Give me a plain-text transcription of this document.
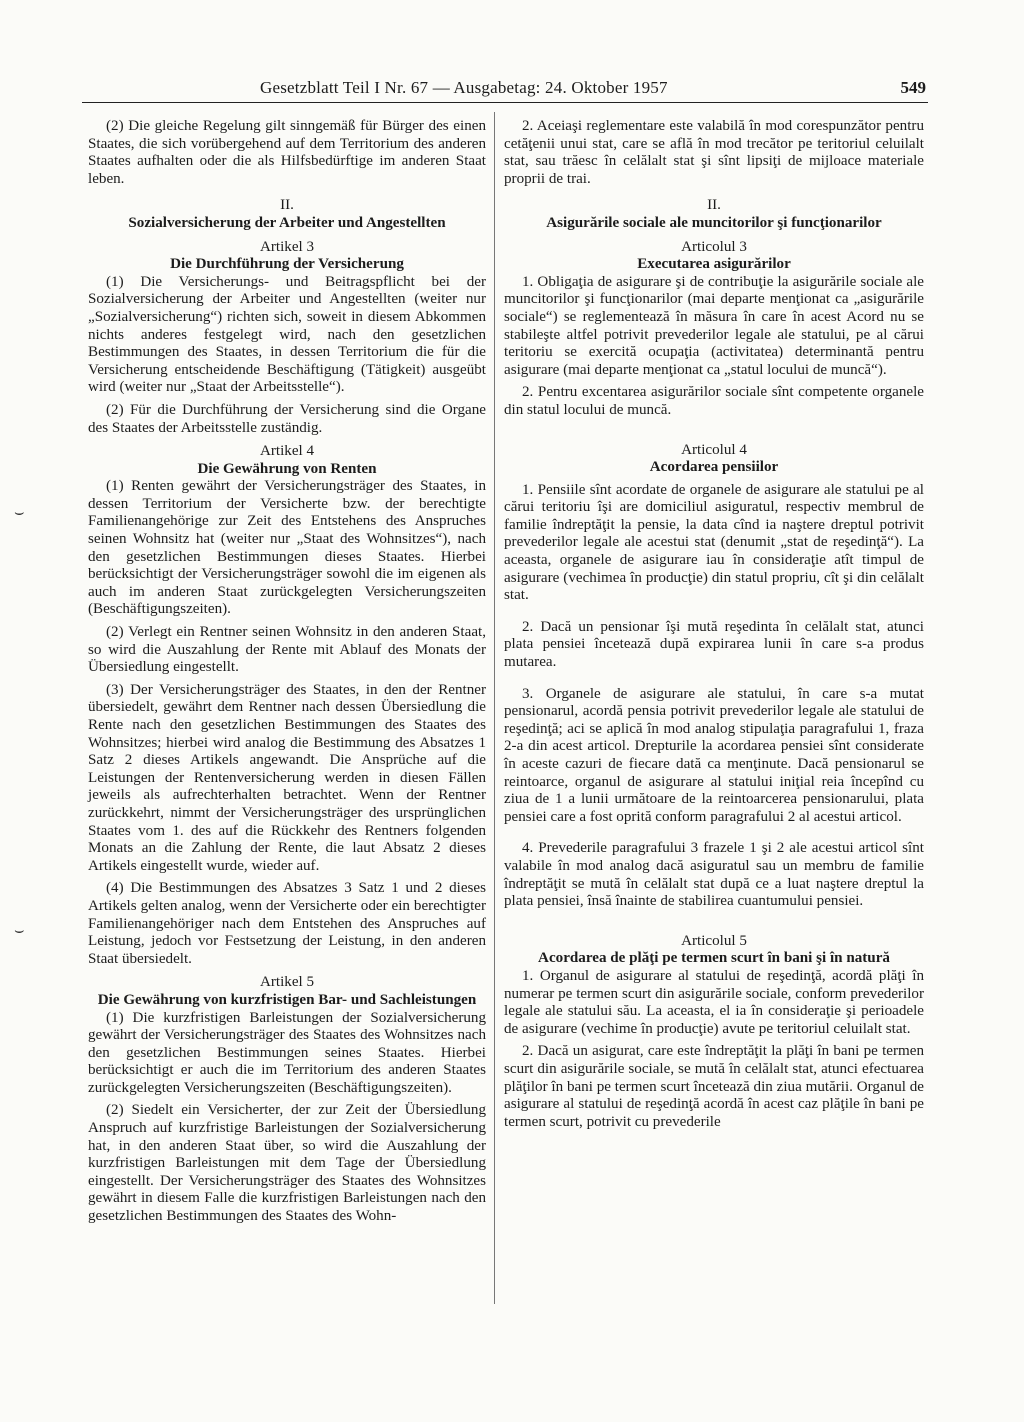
Gesetzblatt Teil I Nr. 67 — Ausgabetag: 24. Oktober 1957	549
⌣
⌣

(2) Die gleiche Regelung gilt sinngemäß für Bürger des einen Staates, die sich vorübergehend auf dem Territorium des anderen Staates aufhalten oder die als Hilfsbedürftige im anderen Staat leben.

II.
Sozialversicherung der Arbeiter und Angestellten
Artikel 3
Die Durchführung der Versicherung

(1) Die Versicherungs- und Beitragspflicht bei der Sozialversicherung der Arbeiter und Angestellten (weiter nur „Sozialversicherung“) richten sich, soweit in diesem Abkommen nichts anderes festgelegt wird, nach den gesetzlichen Bestimmungen des Staates, in dessen Territorium die für die Versicherung entscheidende Beschäftigung (Tätigkeit) ausgeübt wird (weiter nur „Staat der Arbeitsstelle“).

(2) Für die Durchführung der Versicherung sind die Organe des Staates der Arbeitsstelle zuständig.

Artikel 4
Die Gewährung von Renten

(1) Renten gewährt der Versicherungsträger des Staates, in dessen Territorium der Versicherte bzw. der berechtigte Familienangehörige zur Zeit des Entstehens des Anspruches seinen Wohnsitz hat (weiter nur „Staat des Wohnsitzes“), nach den gesetzlichen Bestimmungen dieses Staates. Hierbei berücksichtigt der Versicherungsträger sowohl die im eigenen als auch im anderen Staat zurückgelegten Versicherungszeiten (Beschäftigungszeiten).

(2) Verlegt ein Rentner seinen Wohnsitz in den anderen Staat, so wird die Auszahlung der Rente mit Ablauf des Monats der Übersiedlung eingestellt.

(3) Der Versicherungsträger des Staates, in den der Rentner übersiedelt, gewährt dem Rentner nach dessen Übersiedlung die Rente nach den gesetzlichen Bestimmungen des Staates des Wohnsitzes; hierbei wird analog die Bestimmung des Absatzes 1 Satz 2 dieses Artikels angewandt. Die Ansprüche auf die Leistungen der Rentenversicherung werden in diesen Fällen jeweils als aufrechterhalten betrachtet. Wenn der Rentner zurückkehrt, nimmt der Versicherungsträger des ursprünglichen Staates vom 1. des auf die Rückkehr des Rentners folgenden Monats an die Zahlung der Rente, die laut Absatz 2 dieses Artikels eingestellt wurde, wieder auf.

(4) Die Bestimmungen des Absatzes 3 Satz 1 und 2 dieses Artikels gelten analog, wenn der Versicherte oder ein berechtigter Familienangehöriger nach dem Entstehen des Anspruches auf Leistung, jedoch vor Festsetzung der Leistung, in den anderen Staat übersiedelt.

Artikel 5
Die Gewährung von kurzfristigen Bar- und Sachleistungen

(1) Die kurzfristigen Barleistungen der Sozialversicherung gewährt der Versicherungsträger des Staates des Wohnsitzes nach den gesetzlichen Bestimmungen seines Staates. Hierbei berücksichtigt er auch die im Territorium des anderen Staates zurückgelegten Versicherungszeiten (Beschäftigungszeiten).

(2) Siedelt ein Versicherter, der zur Zeit der Übersiedlung Anspruch auf kurzfristige Barleistungen der Sozialversicherung hat, in den anderen Staat über, so wird die Auszahlung der kurzfristigen Barleistungen mit dem Tage der Übersiedlung eingestellt. Der Versicherungsträger des Staates des Wohnsitzes gewährt in diesem Falle die kurzfristigen Barleistungen nach den gesetzlichen Bestimmungen des Staates des Wohn-

2. Aceiaşi reglementare este valabilă în mod corespunzător pentru cetăţenii unui stat, care se află în mod trecător pe teritoriul celuilalt stat, sau trăesc în celălalt stat şi sînt lipsiţi de mijloace materiale proprii de trai.

II.
Asigurările sociale ale muncitorilor şi funcţionarilor
Articolul 3
Executarea asigurărilor

1. Obligaţia de asigurare şi de contribuţie la asigurările sociale ale muncitorilor şi funcţionarilor (mai departe menţionat ca „asigurările sociale“) se reglementează în măsura în care în acest Acord nu se stabileşte altfel potrivit prevederilor legale ale statului, pe al cărui teritoriu se exercită ocupaţia (activitatea) determinantă pentru asigurare (mai departe menţionat ca „statul locului de muncă“).

2. Pentru excentarea asigurărilor sociale sînt competente organele din statul locului de muncă.

Articolul 4
Acordarea pensiilor

1. Pensiile sînt acordate de organele de asigurare ale statului pe al cărui teritoriu îşi are domiciliul asiguratul, respectiv membrul de familie îndreptăţit la pensie, la data cînd ia naştere dreptul potrivit prevederilor legale ale acestui stat (denumit „stat de reşedinţă“). La aceasta, organele de asigurare iau în consideraţie atît timpul de asigurare (vechimea în producţie) din statul propriu, cît şi din celălalt stat.

2. Dacă un pensionar îşi mută reşedinta în celălalt stat, atunci plata pensiei încetează după expirarea lunii în care s-a produs mutarea.

3. Organele de asigurare ale statului, în care s-a mutat pensionarul, acordă pensia potrivit prevederilor legale ale statului de reşedinţă; aci se aplică în mod analog stipulaţia paragrafului 1, fraza 2-a din acest articol. Drepturile la acordarea pensiei sînt considerate în aceste cazuri de fiecare dată ca menţinute. Dacă pensionarul se reintoarce, organul de asigurare al statului iniţial reia începînd cu ziua de 1 a lunii următoare de la reintoarcerea pensionarului, plata pensiei care a fost oprită conform paragrafului 2 al acestui articol.

4. Prevederile paragrafului 3 frazele 1 şi 2 ale acestui articol sînt valabile în mod analog dacă asiguratul sau un membru de familie îndreptăţit se mută în celălalt stat după ce a luat naştere dreptul la plata pensiei, însă înainte de stabilirea cuantumului pensiei.

Articolul 5
Acordarea de plăţi pe termen scurt în bani şi în natură

1. Organul de asigurare al statului de reşedinţă, acordă plăţi în numerar pe termen scurt din asigurările sociale, conform prevederilor legale ale statului său. La aceasta, el ia în consideraţie şi perioadele de asigurare (vechime în producţie) avute pe teritoriul celuilalt stat.

2. Dacă un asigurat, care este îndreptăţit la plăţi în bani pe termen scurt din asigurările sociale, se mută în celălalt stat, atunci efectuarea plăţilor în bani pe termen scurt încetează din ziua mutării. Organul de asigurare al statului de reşedinţă acordă în acest caz plăţile în bani pe termen scurt, potrivit cu prevederile
